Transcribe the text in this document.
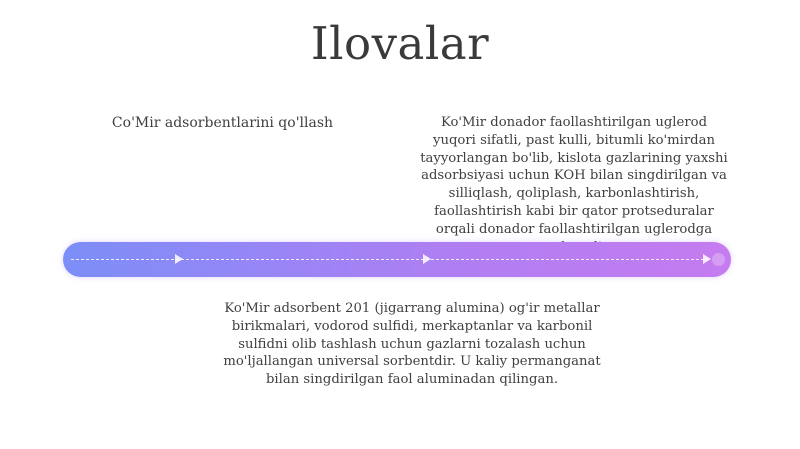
Ilovalar
Co'Mir adsorbentlarini qo'llash	Ko'Mir donador faollashtirilgan uglerod yuqori sifatli, past kulli, bitumli ko'mirdan tayyorlangan bo'lib, kislota gazlarining yaxshi adsorbsiyasi uchun KOH bilan singdirilgan va silliqlash, qoliplash, karbonlashtirish, faollashtirish kabi bir qator protseduralar orqali donador faollashtirilgan uglerodga
Ko'Mir adsorbent 201 (jigarrang alumina) og'ir metallar birikmalari, vodorod sulfidi, merkaptanlar va karbonil sulfidni olib tashlash uchun gazlarni tozalash uchun mo'ljallangan universal sorbentdir. U kaliy permanganat bilan singdirilgan faol aluminadan qilingan.
